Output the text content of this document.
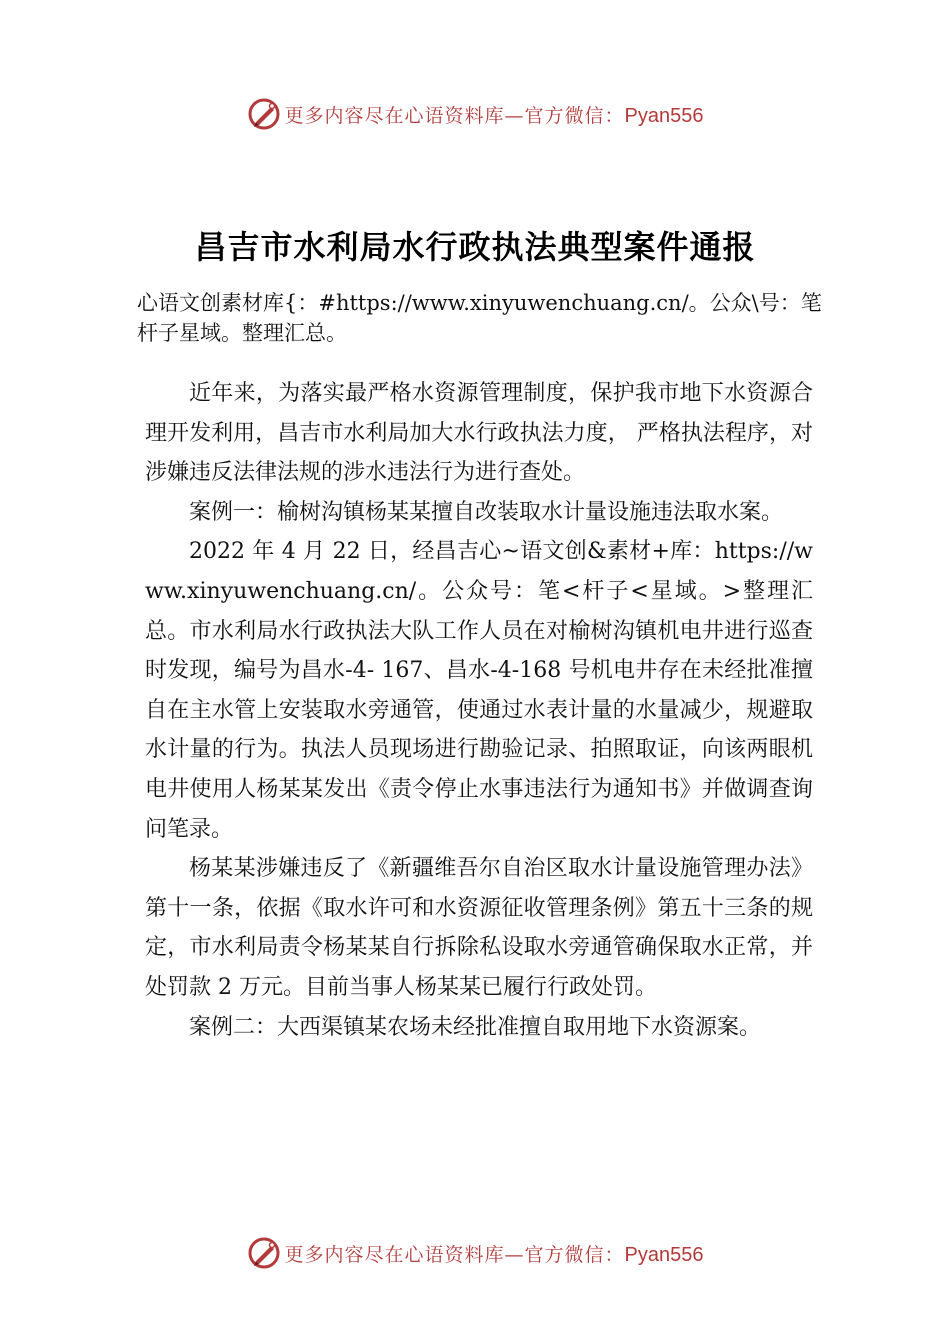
更多内容尽在心语资料库—官方微信：Pyan556
昌吉市水利局水行政执法典型案件通报

心语文创素材库{：#https://www.xinyuwenchuang.cn/。公众\号：笔杆子星域。整理汇总。

近年来，为落实最严格水资源管理制度，保护我市地下水资源合理开发利用，昌吉市水利局加大水行政执法力度， 严格执法程序，对涉嫌违反法律法规的涉水违法行为进行查处。

案例一：榆树沟镇杨某某擅自改装取水计量设施违法取水案。

2022 年 4 月 22 日，经昌吉心~语文创&素材+库：https://www.xinyuwenchuang.cn/。公众号：笔<杆子<星域。>整理汇总。市水利局水行政执法大队工作人员在对榆树沟镇机电井进行巡查时发现，编号为昌水-4- 167、昌水-4-168 号机电井存在未经批准擅自在主水管上安装取水旁通管，使通过水表计量的水量减少，规避取水计量的行为。执法人员现场进行勘验记录、拍照取证，向该两眼机电井使用人杨某某发出《责令停止水事违法行为通知书》并做调查询问笔录。

杨某某涉嫌违反了《新疆维吾尔自治区取水计量设施管理办法》第十一条，依据《取水许可和水资源征收管理条例》第五十三条的规定，市水利局责令杨某某自行拆除私设取水旁通管确保取水正常，并处罚款 2 万元。目前当事人杨某某已履行行政处罚。

案例二：大西渠镇某农场未经批准擅自取用地下水资源案。

更多内容尽在心语资料库—官方微信：Pyan556
